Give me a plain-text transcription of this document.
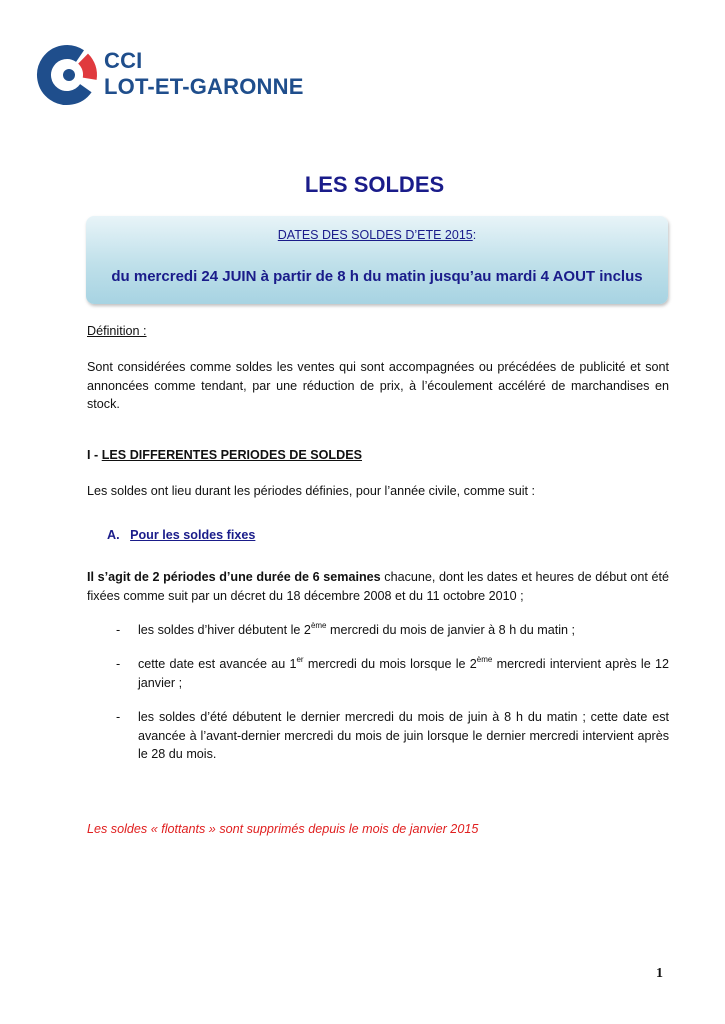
CCI
LOT-ET-GARONNE
LES SOLDES
DATES DES SOLDES D’ETE 2015:
du mercredi 24 JUIN à partir de 8 h du matin jusqu’au mardi 4 AOUT inclus
Définition :
Sont considérées comme soldes les ventes qui sont accompagnées ou précédées de publicité et sont annoncées comme tendant, par une réduction de prix, à l’écoulement accéléré de marchandises en stock.
I - LES DIFFERENTES PERIODES DE SOLDES
Les soldes ont lieu durant les périodes définies, pour l’année civile, comme suit :
A. Pour les soldes fixes
Il s’agit de 2 périodes d’une durée de 6 semaines chacune, dont les dates et heures de début ont été fixées comme suit par un décret du 18 décembre 2008 et du 11 octobre 2010 ;
- les soldes d’hiver débutent le 2ème mercredi du mois de janvier à 8 h du matin ;
- cette date est avancée au 1er mercredi du mois lorsque le 2ème mercredi intervient après le 12 janvier ;
- les soldes d’été débutent le dernier mercredi du mois de juin à 8 h du matin ; cette date est avancée à l’avant-dernier mercredi du mois de juin lorsque le dernier mercredi intervient après le 28 du mois.
Les soldes « flottants » sont supprimés depuis le mois de janvier 2015
1
